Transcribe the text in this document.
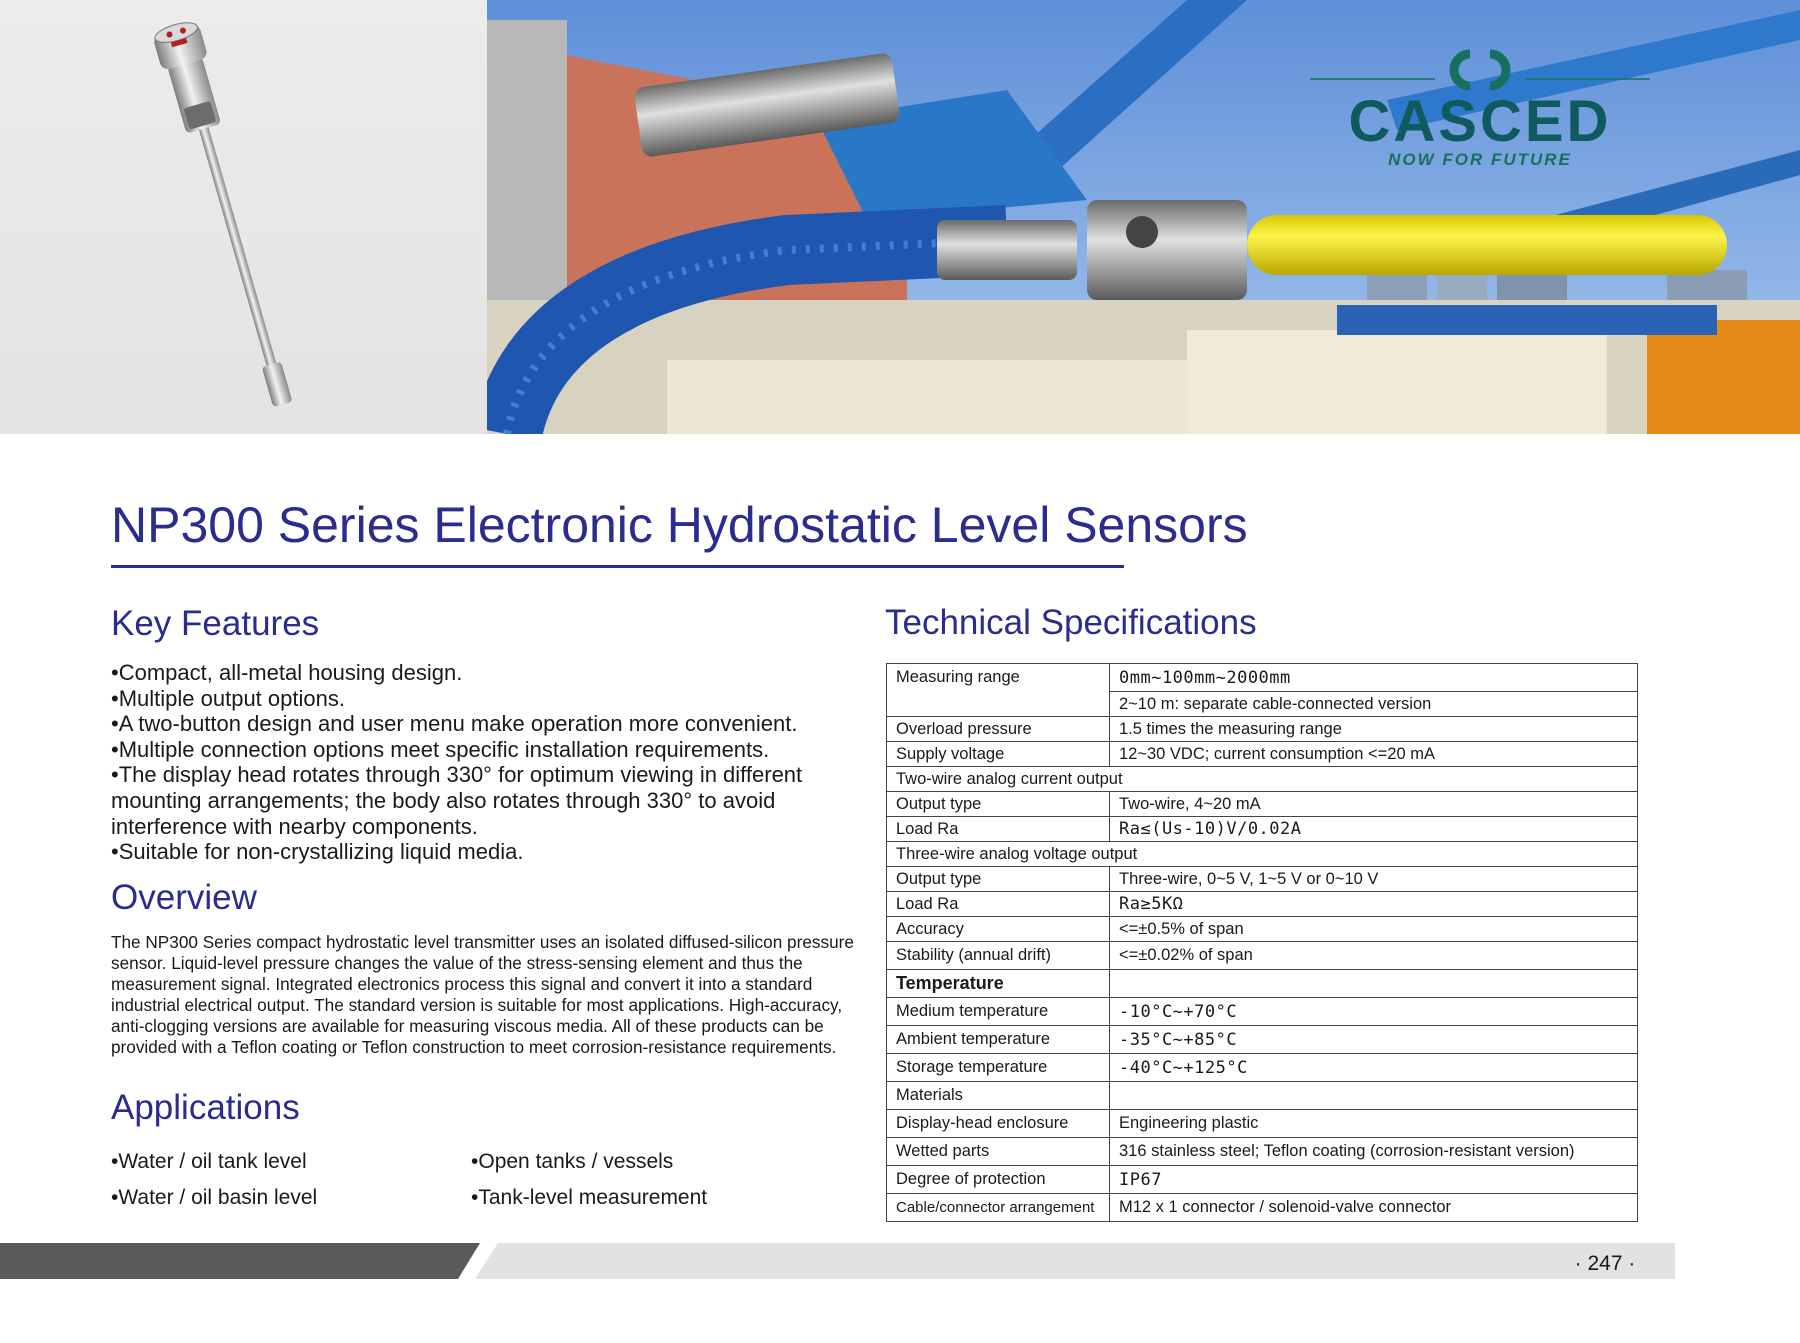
CASCED
NOW FOR FUTURE
NP300 Series Electronic Hydrostatic Level Sensors
Key Features
• Compact, all-metal housing design.
• Multiple output options.
• A two-button design and user menu make operation more convenient.
• Multiple connection options meet specific installation requirements.
• The display head rotates through 330° for optimum viewing in different mounting arrangements; the body also rotates through 330° to avoid interference with nearby components.
• Suitable for non-crystallizing liquid media.
Overview

The NP300 Series compact hydrostatic level transmitter uses an isolated diffused-silicon pressure sensor. Liquid-level pressure changes the value of the stress-sensing element and thus the measurement signal. Integrated electronics process this signal and convert it into a standard industrial electrical output. The standard version is suitable for most applications. High-accuracy, anti-clogging versions are available for measuring viscous media. All of these products can be provided with a Teflon coating or Teflon construction to meet corrosion-resistance requirements.

Applications
• Water / oil tank level	• Open tanks / vessels
• Water / oil basin level	• Tank-level measurement
Technical Specifications
Measuring range	0mm~100mm~2000mm
	2~10 m: separate cable-connected version
Overload pressure	1.5 times the measuring range
Supply voltage	12~30 VDC; current consumption <=20 mA
Two-wire analog current output	
Output type	Two-wire, 4~20 mA
Load Ra	Ra≤(Us-10)V/0.02A
Three-wire analog voltage output	
Output type	Three-wire, 0~5 V, 1~5 V or 0~10 V
Load Ra	Ra≥5KΩ
Accuracy	<=±0.5% of span
Stability (annual drift)	<=±0.02% of span
Temperature	
Medium temperature	-10°C~+70°C
Ambient temperature	-35°C~+85°C
Storage temperature	-40°C~+125°C
Materials	
Display-head enclosure	Engineering plastic
Wetted parts	316 stainless steel; Teflon coating (corrosion-resistant version)
Degree of protection	IP67
Cable/connector arrangement	M12 x 1 connector / solenoid-valve connector
· 247 ·
